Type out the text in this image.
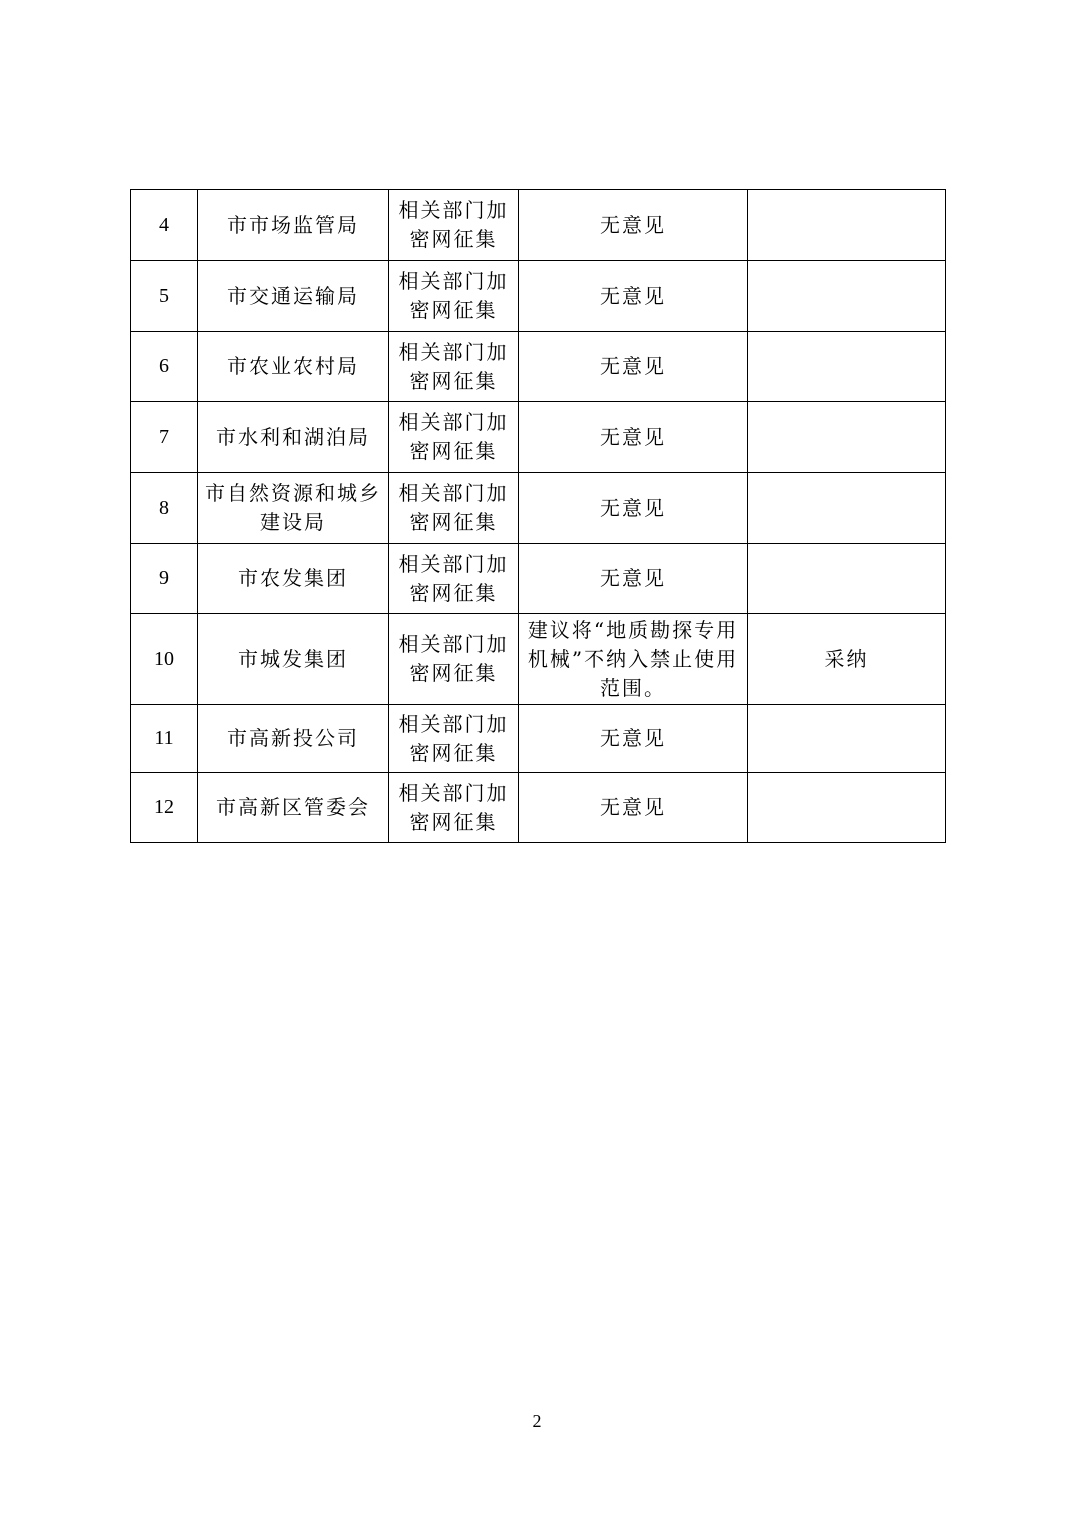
4	市市场监管局	相关部门加密网征集	无意见	
5	市交通运输局	相关部门加密网征集	无意见	
6	市农业农村局	相关部门加密网征集	无意见	
7	市水利和湖泊局	相关部门加密网征集	无意见	
8	市自然资源和城乡建设局	相关部门加密网征集	无意见	
9	市农发集团	相关部门加密网征集	无意见	
10	市城发集团	相关部门加密网征集	建议将“地质勘探专用机械”不纳入禁止使用范围。	采纳
11	市高新投公司	相关部门加密网征集	无意见	
12	市高新区管委会	相关部门加密网征集	无意见	
2
